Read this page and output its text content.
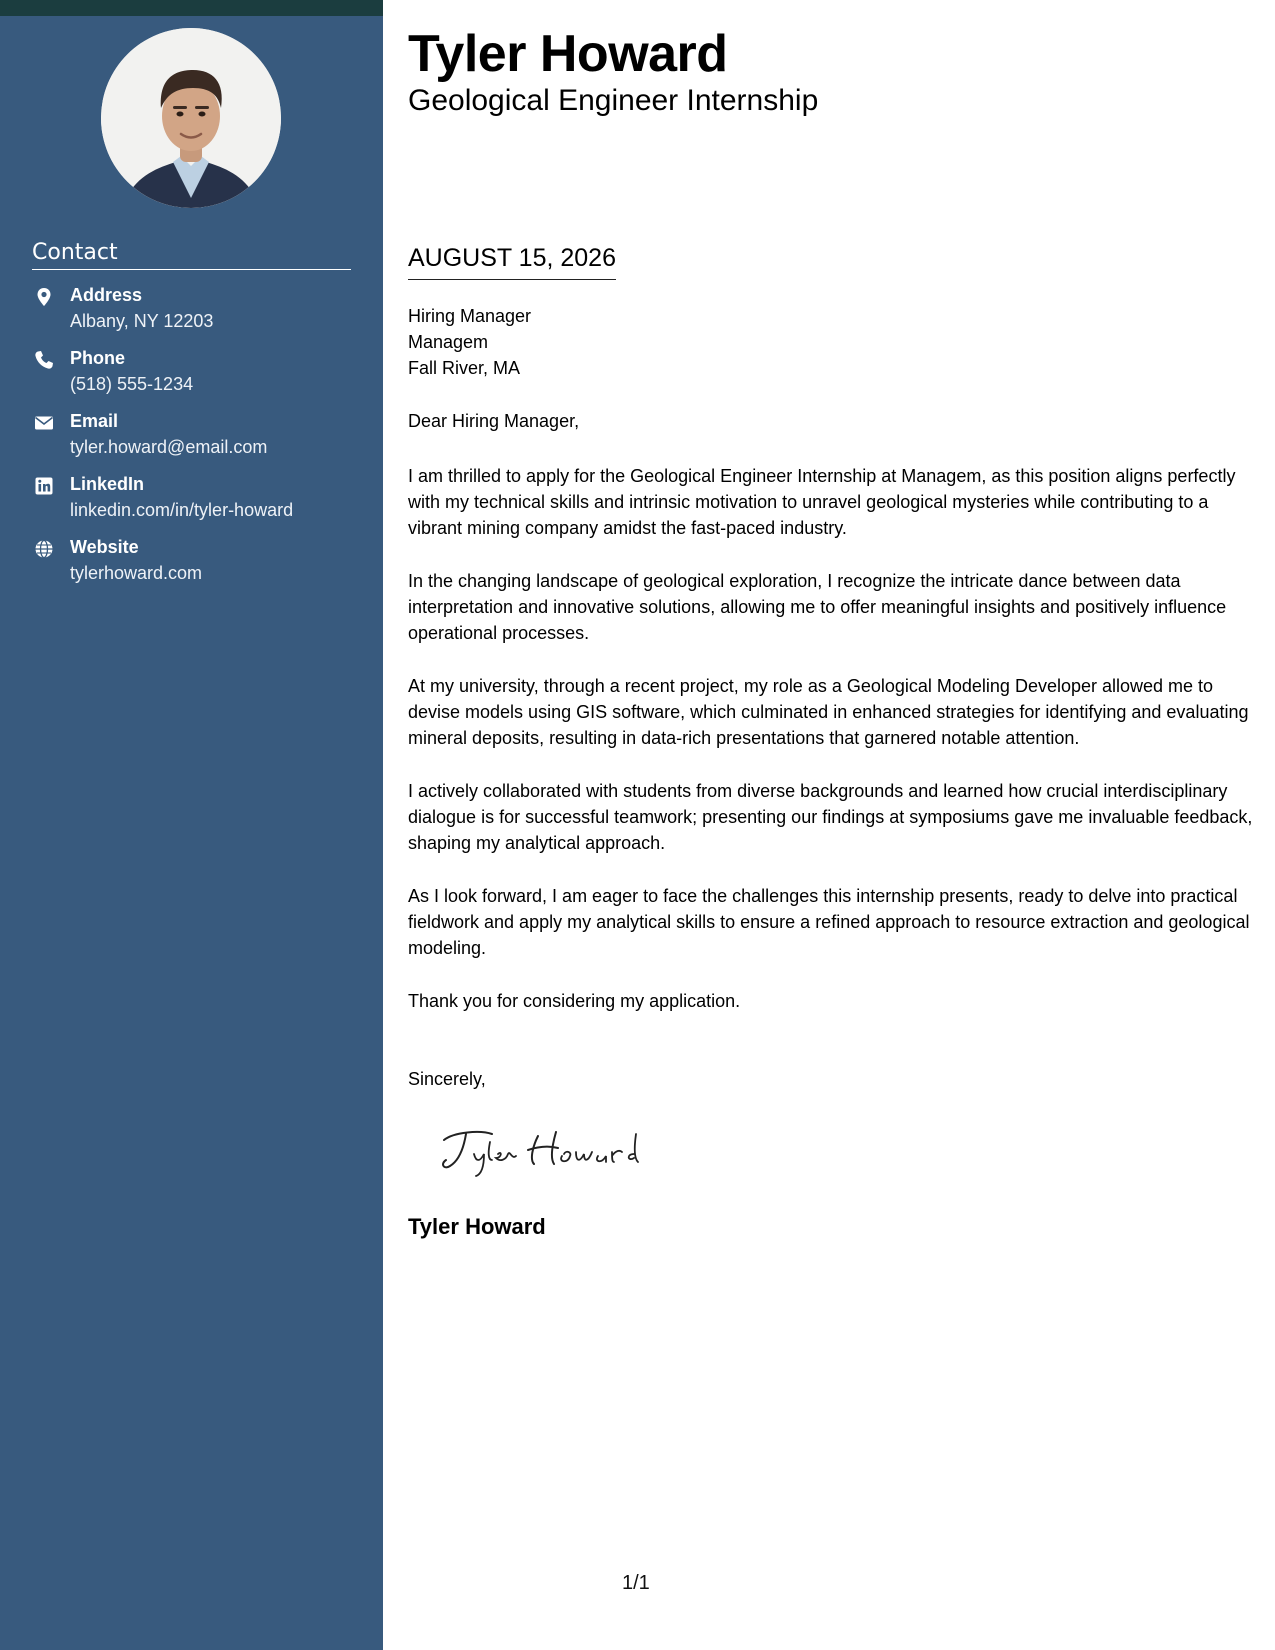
Contact
Address
Albany, NY 12203
Phone
(518) 555-1234
Email
tyler.howard@email.com
LinkedIn
linkedin.com/in/tyler-howard
Website
tylerhoward.com
Tyler Howard
Geological Engineer Internship
AUGUST 15, 2026
Hiring Manager
Managem
Fall River, MA
Dear Hiring Manager,

I am thrilled to apply for the Geological Engineer Internship at Managem, as this position aligns perfectly with my technical skills and intrinsic motivation to unravel geological mysteries while contributing to a vibrant mining company amidst the fast-paced industry.

In the changing landscape of geological exploration, I recognize the intricate dance between data interpretation and innovative solutions, allowing me to offer meaningful insights and positively influence operational processes.

At my university, through a recent project, my role as a Geological Modeling Developer allowed me to devise models using GIS software, which culminated in enhanced strategies for identifying and evaluating mineral deposits, resulting in data-rich presentations that garnered notable attention.

I actively collaborated with students from diverse backgrounds and learned how crucial interdisciplinary dialogue is for successful teamwork; presenting our findings at symposiums gave me invaluable feedback, shaping my analytical approach.

As I look forward, I am eager to face the challenges this internship presents, ready to delve into practical fieldwork and apply my analytical skills to ensure a refined approach to resource extraction and geological modeling.

Thank you for considering my application.

Sincerely,
Tyler Howard
1/1
